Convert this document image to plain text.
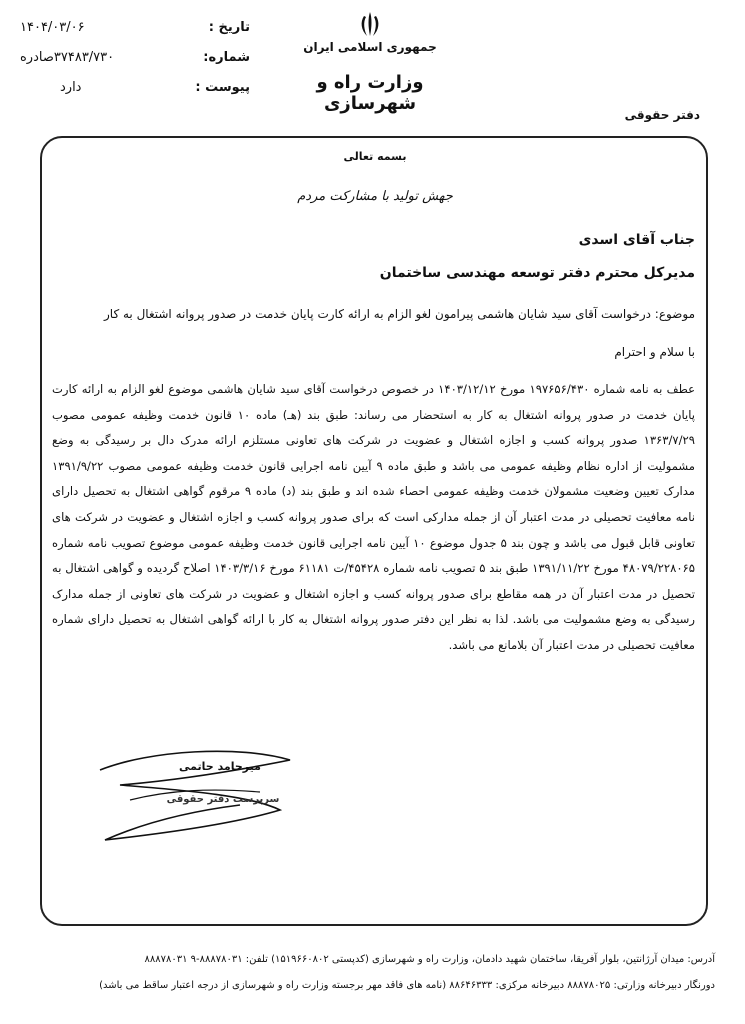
جمهوری اسلامی ایران
وزارت راه و شهرسازی
دفتر حقوقی
تاریخ :
۱۴۰۴/۰۳/۰۶
شماره:
۳۷۴۸۳/۷۳۰صادره
پیوست :
دارد
بسمه تعالی
جهش تولید با مشارکت مردم
جناب آقای اسدی
مدیرکل محترم دفتر توسعه مهندسی ساختمان
موضوع: درخواست آقای سید شایان هاشمی پیرامون لغو الزام به ارائه کارت پایان خدمت در صدور پروانه اشتغال به کار
با سلام و احترام
عطف به نامه شماره ۱۹۷۶۵۶/۴۳۰ مورخ ۱۴۰۳/۱۲/۱۲ در خصوص درخواست آقای سید شایان هاشمی موضوع لغو الزام به ارائه کارت پایان خدمت در صدور پروانه اشتغال به کار به استحضار می رساند: طبق بند (هـ) ماده ۱۰ قانون خدمت وظیفه عمومی مصوب ۱۳۶۳/۷/۲۹ صدور پروانه کسب و اجازه اشتغال و عضویت در شرکت های تعاونی مستلزم ارائه مدرک دال بر رسیدگی به وضع مشمولیت از اداره نظام وظیفه عمومی می باشد و طبق ماده ۹ آیین نامه اجرایی قانون خدمت وظیفه عمومی مصوب ۱۳۹۱/۹/۲۲ مدارک تعیین وضعیت مشمولان خدمت وظیفه عمومی احصاء شده اند و طبق بند (د) ماده ۹ مرقوم گواهی اشتغال به تحصیل دارای نامه معافیت تحصیلی در مدت اعتبار آن از جمله مدارکی است که برای صدور پروانه کسب و اجازه اشتغال و عضویت در شرکت های تعاونی قابل قبول می باشد و چون بند ۵ جدول موضوع ۱۰ آیین نامه اجرایی قانون خدمت وظیفه عمومی موضوع تصویب نامه شماره ۴۸۰۷۹/۲۲۸۰۶۵ مورخ ۱۳۹۱/۱۱/۲۲ طبق بند ۵ تصویب نامه شماره ۴۵۴۲۸/ت ۶۱۱۸۱ مورخ ۱۴۰۳/۳/۱۶ اصلاح گردیده و گواهی اشتغال به تحصیل در مدت اعتبار آن در همه مقاطع برای صدور پروانه کسب و اجازه اشتغال و عضویت در شرکت های تعاونی از جمله مدارک رسیدگی به وضع مشمولیت می باشد. لذا به نظر این دفتر صدور پروانه اشتغال به کار با ارائه گواهی اشتغال به تحصیل دارای شماره معافیت تحصیلی در مدت اعتبار آن بلامانع می باشد.
میرحامد حاتمی
سرپرست دفتر حقوقی
آدرس: میدان آرژانتین، بلوار آفریقا، ساختمان شهید دادمان، وزارت راه و شهرسازی (کدپستی ۱۵۱۹۶۶۰۸۰۲) تلفن: ۸۸۸۷۸۰۳۱-۹ ۸۸۸۷۸۰۳۱
دورنگار دبیرخانه وزارتی: ۸۸۸۷۸۰۲۵ دبیرخانه مرکزی: ۸۸۶۴۶۳۳۳ (نامه های فاقد مهر برجسته وزارت راه و شهرسازی از درجه اعتبار ساقط می باشد)
